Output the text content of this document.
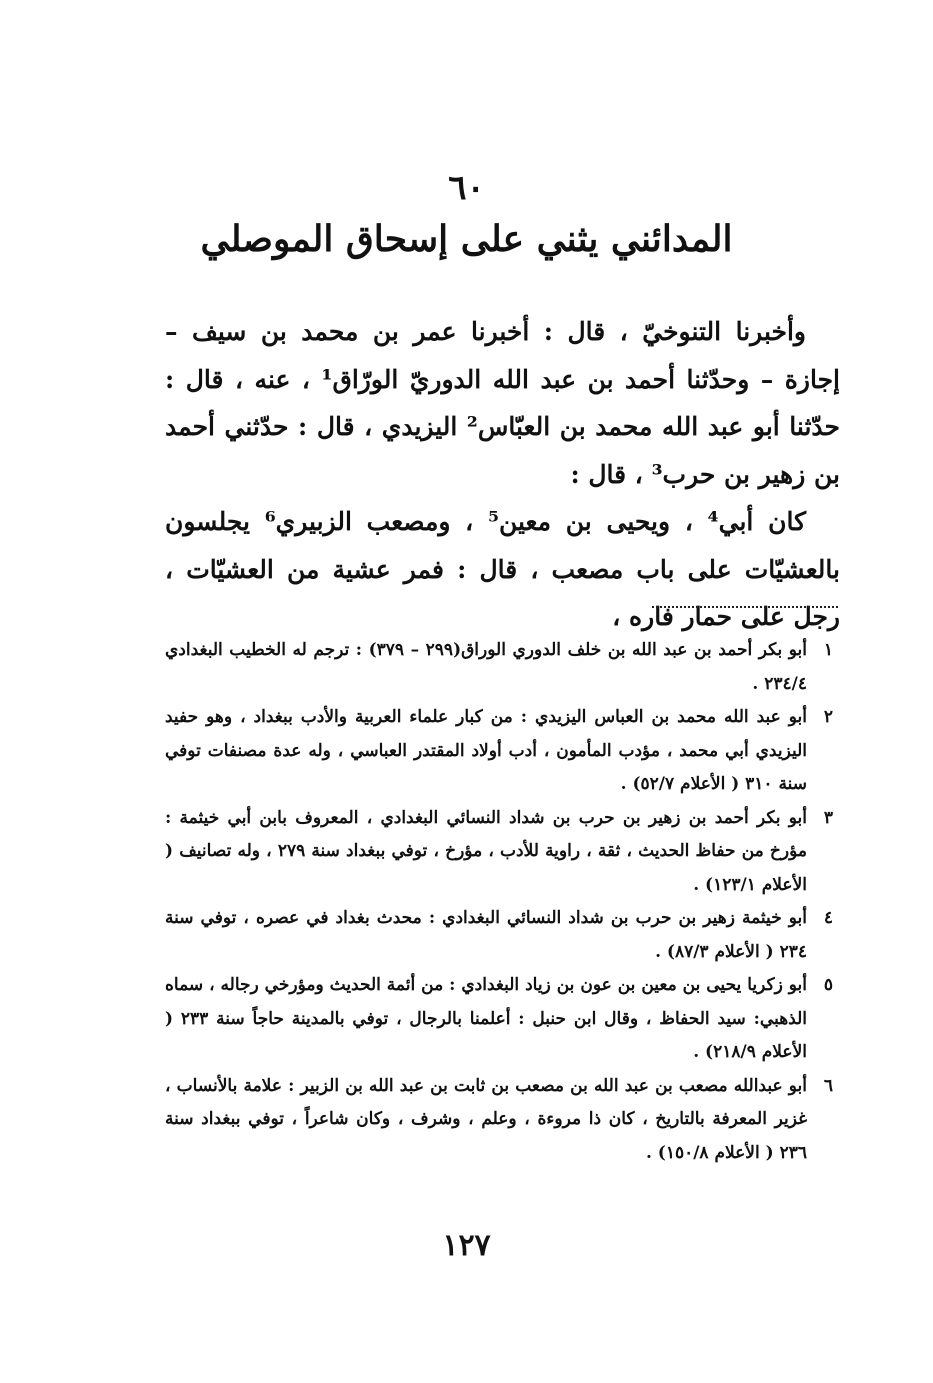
٦٠
المدائني يثني على إسحاق الموصلي

وأخبرنا التنوخيّ ، قال : أخبرنا عمر بن محمد بن سيف – إجازة – وحدّثنا أحمد بن عبد الله الدوريّ الورّاق¹ ، عنه ، قال : حدّثنا أبو عبد الله محمد بن العبّاس² اليزيدي ، قال : حدّثني أحمد بن زهير بن حرب³ ، قال :

كان أبي⁴ ، ويحيى بن معين⁵ ، ومصعب الزبيري⁶ يجلسون بالعشيّات على باب مصعب ، قال : فمر عشية من العشيّات ، رجل على حمار فاره ،

١
أبو بكر أحمد بن عبد الله بن خلف الدوري الوراق(٢٩٩ – ٣٧٩) : ترجم له الخطيب البغدادي ٢٣٤/٤ .
٢
أبو عبد الله محمد بن العباس اليزيدي : من كبار علماء العربية والأدب ببغداد ، وهو حفيد اليزيدي أبي محمد ، مؤدب المأمون ، أدب أولاد المقتدر العباسي ، وله عدة مصنفات توفي سنة ٣١٠ ( الأعلام ٥٢/٧) .
٣
أبو بكر أحمد بن زهير بن حرب بن شداد النسائي البغدادي ، المعروف بابن أبي خيثمة : مؤرخ من حفاظ الحديث ، ثقة ، راوية للأدب ، مؤرخ ، توفي ببغداد سنة ٢٧٩ ، وله تصانيف ( الأعلام ١٢٣/١) .
٤
أبو خيثمة زهير بن حرب بن شداد النسائي البغدادي : محدث بغداد في عصره ، توفي سنة ٢٣٤ ( الأعلام ٨٧/٣) .
٥
أبو زكريا يحيى بن معين بن عون بن زياد البغدادي : من أئمة الحديث ومؤرخي رجاله ، سماه الذهبي: سيد الحفاظ ، وقال ابن حنبل : أعلمنا بالرجال ، توفي بالمدينة حاجاً سنة ٢٣٣ ( الأعلام ٢١٨/٩) .
٦
أبو عبدالله مصعب بن عبد الله بن مصعب بن ثابت بن عبد الله بن الزبير : علامة بالأنساب ، غزير المعرفة بالتاريخ ، كان ذا مروءة ، وعلم ، وشرف ، وكان شاعراً ، توفي ببغداد سنة ٢٣٦ ( الأعلام ١٥٠/٨) .
١٢٧
